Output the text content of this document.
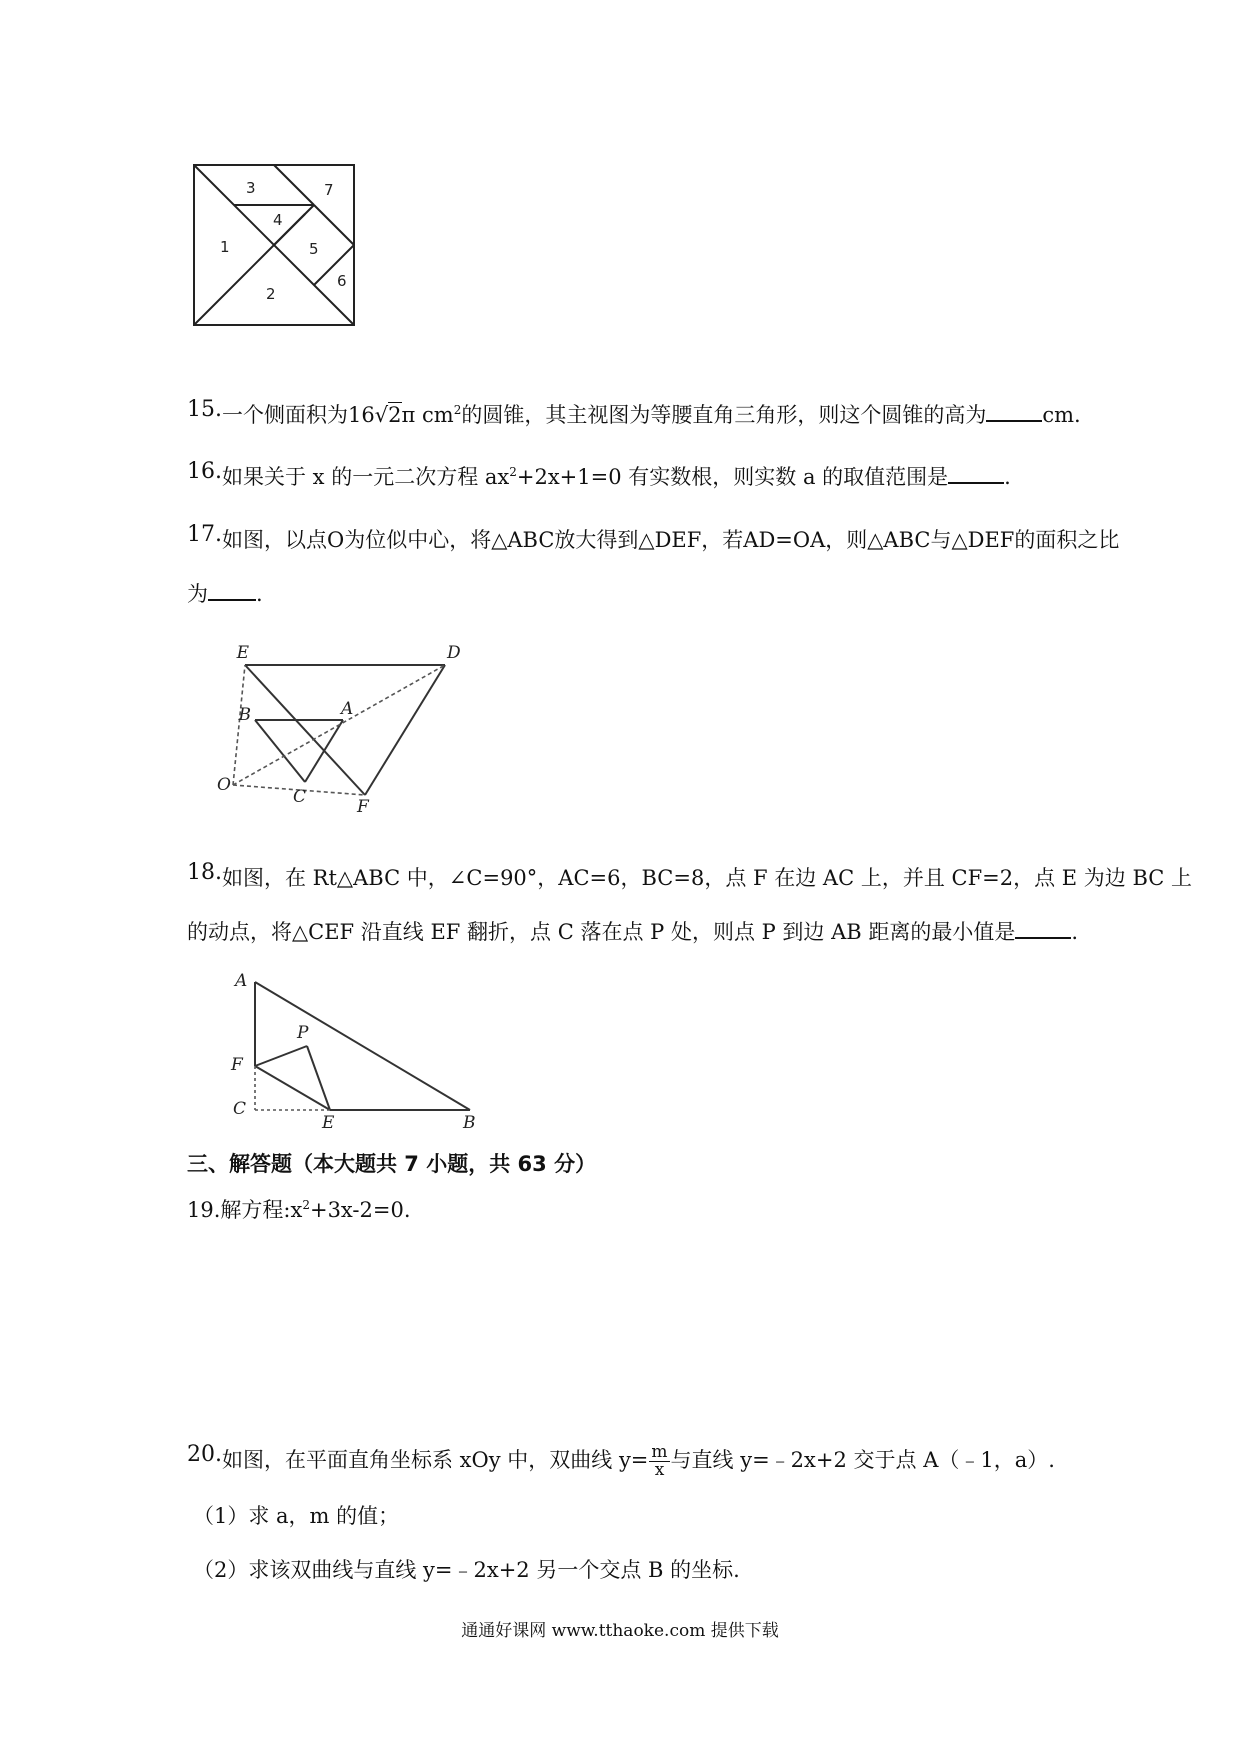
3	7
4
1	5
6
2
15.一个侧面积为16√2π $cm^2$的圆锥，其主视图为等腰直角三角形，则这个圆锥的高为	cm.
16.如果关于 x 的一元二次方程 $ax^2+2x+1=0$ 有实数根，则实数 a 的取值范围是	.
17.如图，以点O为位似中心，将△ABC放大得到△DEF，若AD=OA，则△ABC与△DEF的面积之比
为 .
E	D
B	A
O
C	F
18.如图，在 Rt△ABC 中，∠C=90°，AC=6，BC=8，点 F 在边 AC 上，并且 CF=2，点 E 为边 BC 上
的动点，将△CEF 沿直线 EF 翻折，点 C 落在点 P 处，则点 P 到边 AB 距离的最小值是	.
A
P
F
C
E	B
三、解答题（本大题共 7 小题，共 63 分）
19.解方程$:x^2+3x-2=0$.
20.如图，在平面直角坐标系 xOy 中，双曲线 $y= \frac{m}{x}$ 与直线 y=﹣2x+2 交于点 A（﹣1，a）.
（1）求 a，m 的值；
（2）求该双曲线与直线 y=﹣2x+2 另一个交点 B 的坐标.
通通好课网 www.tthaoke.com 提供下载
